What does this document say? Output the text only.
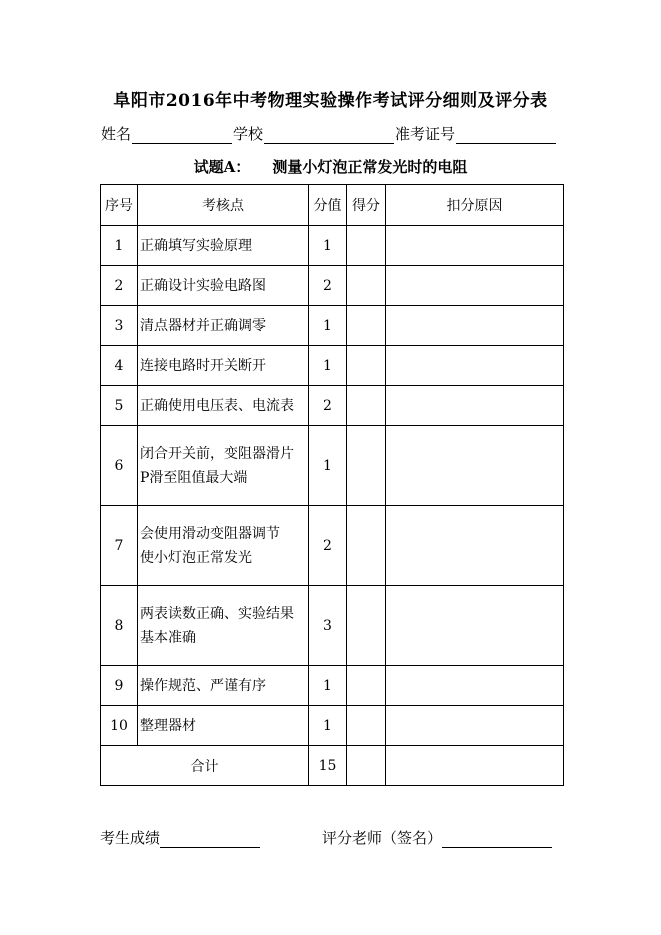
阜阳市2016年中考物理实验操作考试评分细则及评分表
姓名	学校	准考证号
试题A： 测量小灯泡正常发光时的电阻
序号	考核点	分值	得分	扣分原因
1	正确填写实验原理	1		
2	正确设计实验电路图	2		
3	清点器材并正确调零	1		
4	连接电路时开关断开	1		
5	正确使用电压表、电流表	2		
6	闭合开关前，变阻器滑片
P滑至阻值最大端	1		
7	会使用滑动变阻器调节
使小灯泡正常发光	2		
8	两表读数正确、实验结果
基本准确	3		
9	操作规范、严谨有序	1		
10	整理器材	1		
合计		15		
考生成绩	评分老师（签名）
